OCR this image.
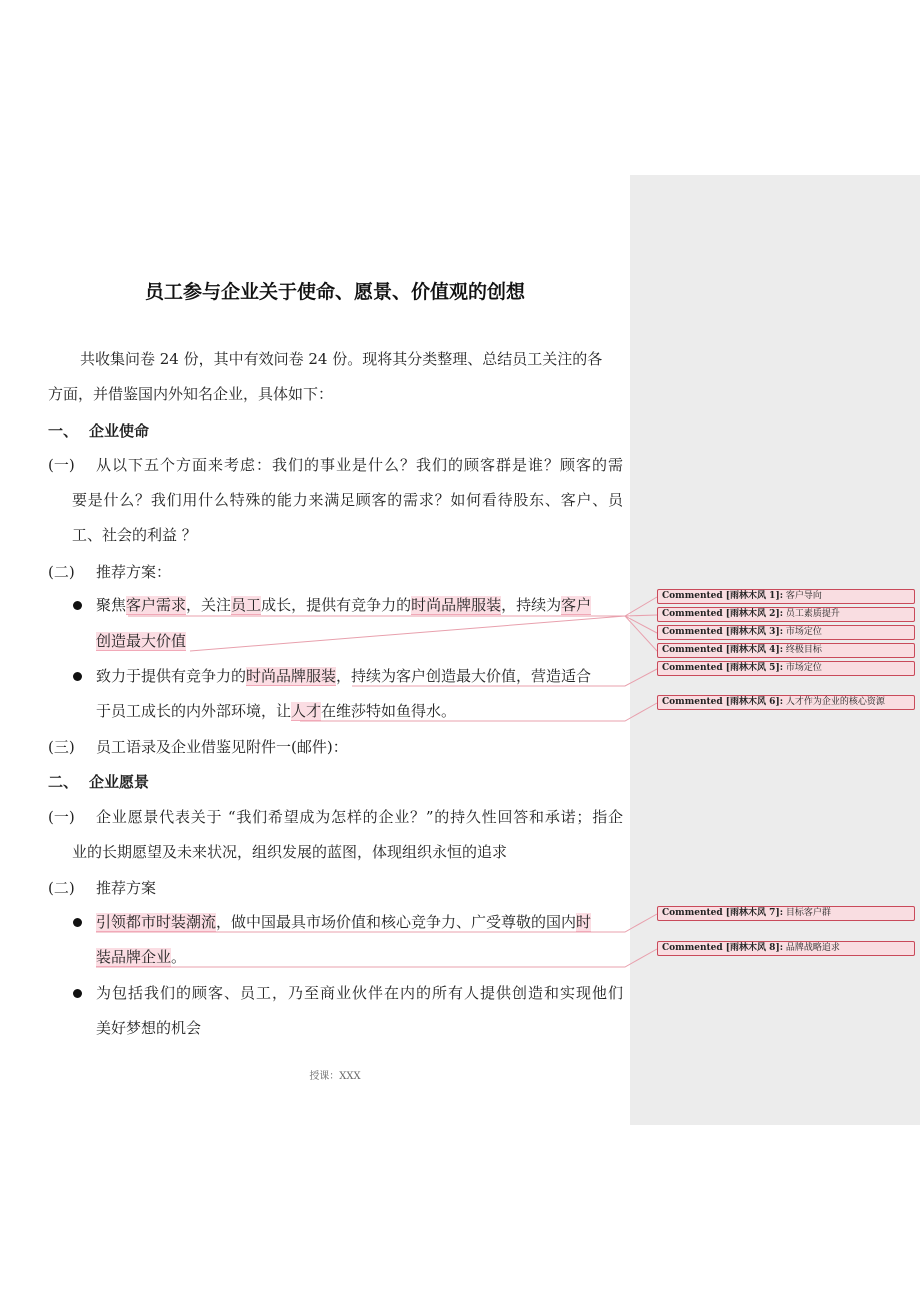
员工参与企业关于使命、愿景、价值观的创想
共收集问卷 24 份，其中有效问卷 24 份。现将其分类整理、总结员工关注的各
方面，并借鉴国内外知名企业，具体如下：
一、 企业使命
(一) 从以下五个方面来考虑：我们的事业是什么？我们的顾客群是谁？顾客的需
要是什么？我们用什么特殊的能力来满足顾客的需求？如何看待股东、客户、员
工、社会的利益 ？
(二) 推荐方案：
聚焦客户需求，关注员工成长，提供有竞争力的时尚品牌服装，持续为客户
创造最大价值
致力于提供有竞争力的时尚品牌服装，持续为客户创造最大价值，营造适合
于员工成长的内外部环境，让人才在维莎特如鱼得水。
(三) 员工语录及企业借鉴见附件一(邮件)：
二、 企业愿景
(一) 企业愿景代表关于 “我们希望成为怎样的企业？”的持久性回答和承诺；指企
业的长期愿望及未来状况，组织发展的蓝图，体现组织永恒的追求
(二) 推荐方案
引领都市时装潮流，做中国最具市场价值和核心竞争力、广受尊敬的国内时
装品牌企业。
为包括我们的顾客、员工，乃至商业伙伴在内的所有人提供创造和实现他们
美好梦想的机会
授课：XXX
Commented [雨林木风 1]: 客户导向
Commented [雨林木风 2]: 员工素质提升
Commented [雨林木风 3]: 市场定位
Commented [雨林木风 4]: 终极目标
Commented [雨林木风 5]: 市场定位
Commented [雨林木风 6]: 人才作为企业的核心资源
Commented [雨林木风 7]: 目标客户群
Commented [雨林木风 8]: 品牌战略追求
